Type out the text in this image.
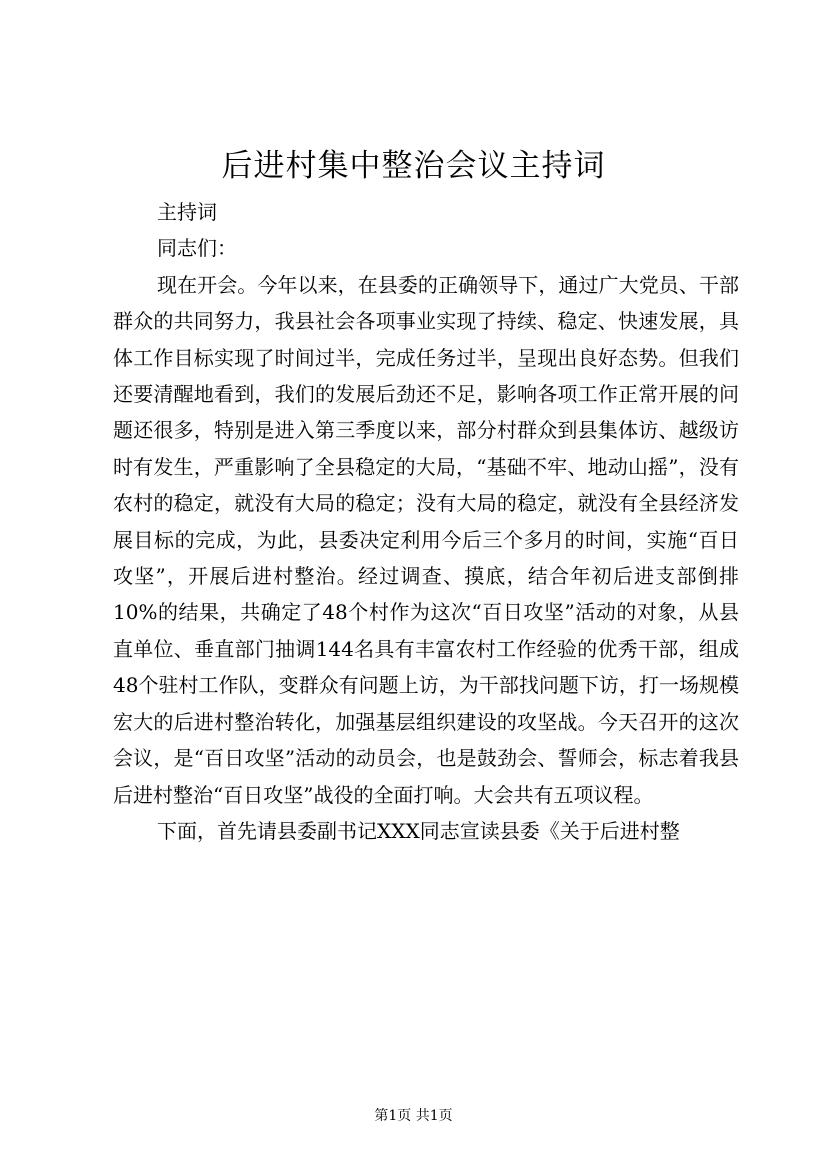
后进村集中整治会议主持词

主持词

同志们：

现在开会。今年以来，在县委的正确领导下，通过广大党员、干部群众的共同努力，我县社会各项事业实现了持续、稳定、快速发展，具体工作目标实现了时间过半，完成任务过半，呈现出良好态势。但我们还要清醒地看到，我们的发展后劲还不足，影响各项工作正常开展的问题还很多，特别是进入第三季度以来，部分村群众到县集体访、越级访时有发生，严重影响了全县稳定的大局，“基础不牢、地动山摇”，没有农村的稳定，就没有大局的稳定；没有大局的稳定，就没有全县经济发展目标的完成，为此，县委决定利用今后三个多月的时间，实施“百日攻坚”，开展后进村整治。经过调查、摸底，结合年初后进支部倒排10%的结果，共确定了48个村作为这次“百日攻坚”活动的对象，从县直单位、垂直部门抽调144名具有丰富农村工作经验的优秀干部，组成48个驻村工作队，变群众有问题上访，为干部找问题下访，打一场规模宏大的后进村整治转化，加强基层组织建设的攻坚战。今天召开的这次会议，是“百日攻坚”活动的动员会，也是鼓劲会、誓师会，标志着我县后进村整治“百日攻坚”战役的全面打响。大会共有五项议程。

下面，首先请县委副书记XXX同志宣读县委《关于后进村整

第1页 共1页
